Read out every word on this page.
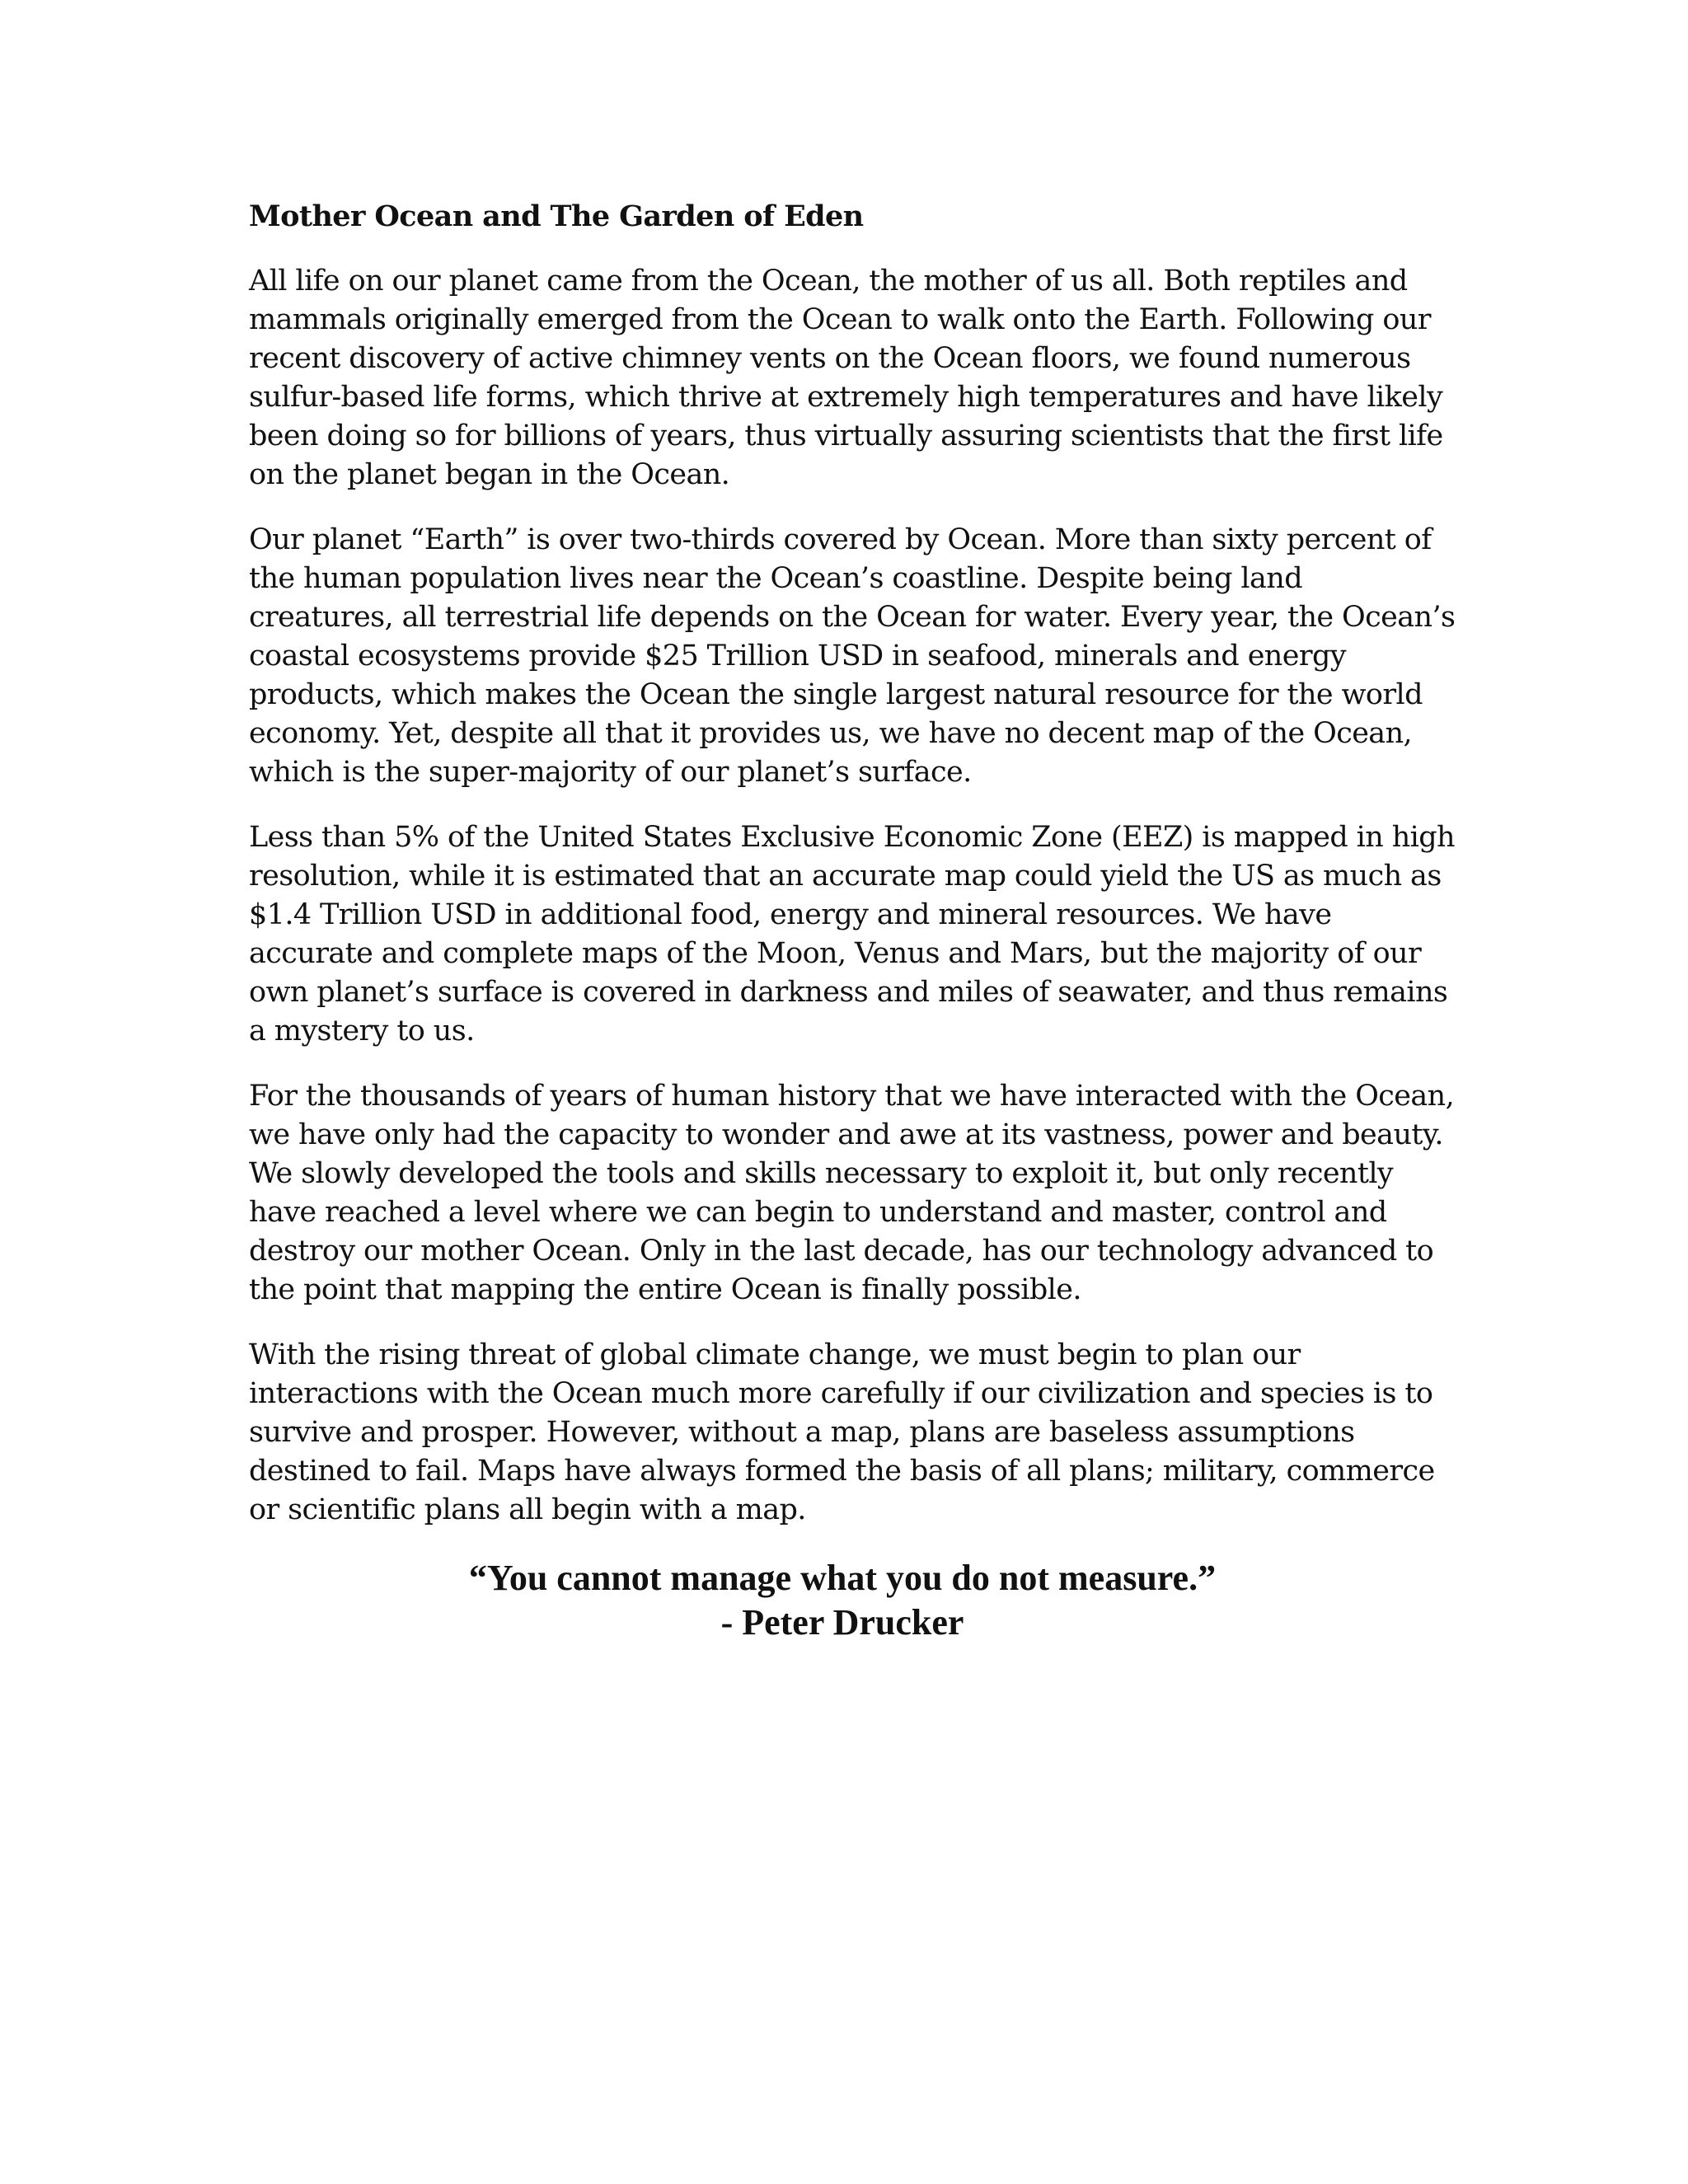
Mother Ocean and The Garden of Eden
All life on our planet came from the Ocean, the mother of us all. Both reptiles and
mammals originally emerged from the Ocean to walk onto the Earth. Following our
recent discovery of active chimney vents on the Ocean floors, we found numerous
sulfur-based life forms, which thrive at extremely high temperatures and have likely
been doing so for billions of years, thus virtually assuring scientists that the first life
on the planet began in the Ocean.
Our planet “Earth” is over two-thirds covered by Ocean. More than sixty percent of
the human population lives near the Ocean’s coastline. Despite being land
creatures, all terrestrial life depends on the Ocean for water. Every year, the Ocean’s
coastal ecosystems provide $25 Trillion USD in seafood, minerals and energy
products, which makes the Ocean the single largest natural resource for the world
economy. Yet, despite all that it provides us, we have no decent map of the Ocean,
which is the super-majority of our planet’s surface.
Less than 5% of the United States Exclusive Economic Zone (EEZ) is mapped in high
resolution, while it is estimated that an accurate map could yield the US as much as
$1.4 Trillion USD in additional food, energy and mineral resources. We have
accurate and complete maps of the Moon, Venus and Mars, but the majority of our
own planet’s surface is covered in darkness and miles of seawater, and thus remains
a mystery to us.
For the thousands of years of human history that we have interacted with the Ocean,
we have only had the capacity to wonder and awe at its vastness, power and beauty.
We slowly developed the tools and skills necessary to exploit it, but only recently
have reached a level where we can begin to understand and master, control and
destroy our mother Ocean. Only in the last decade, has our technology advanced to
the point that mapping the entire Ocean is finally possible.
With the rising threat of global climate change, we must begin to plan our
interactions with the Ocean much more carefully if our civilization and species is to
survive and prosper. However, without a map, plans are baseless assumptions
destined to fail. Maps have always formed the basis of all plans; military, commerce
or scientific plans all begin with a map.
“You cannot manage what you do not measure.”
- Peter Drucker
